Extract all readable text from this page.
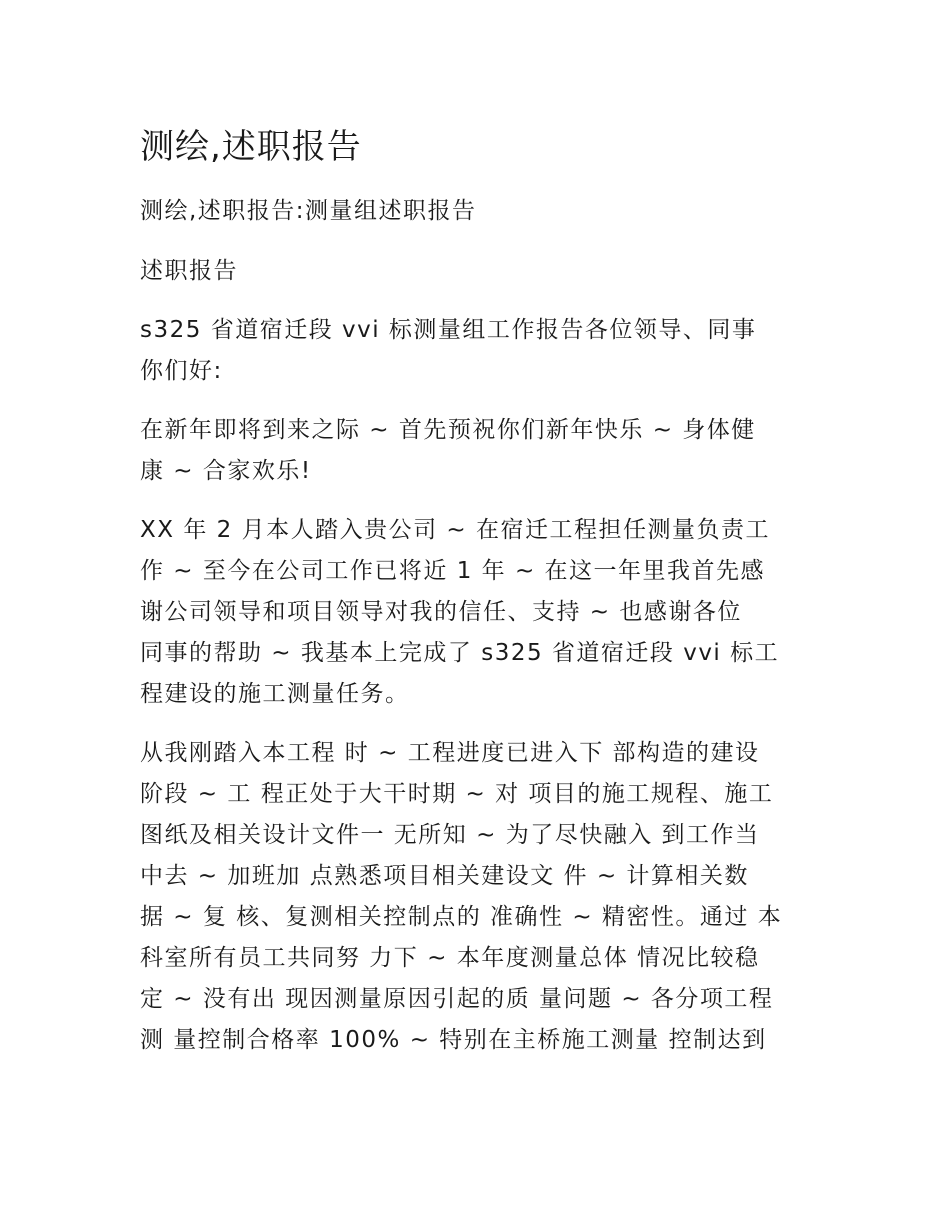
测绘,述职报告

测绘,述职报告:测量组述职报告

述职报告

s325 省道宿迁段 vvi 标测量组工作报告各位领导、同事
你们好:

在新年即将到来之际 ~ 首先预祝你们新年快乐 ~ 身体健
康 ~ 合家欢乐!

XX 年 2 月本人踏入贵公司 ~ 在宿迁工程担任测量负责工
作 ~ 至今在公司工作已将近 1 年 ~ 在这一年里我首先感
谢公司领导和项目领导对我的信任、支持 ~ 也感谢各位
同事的帮助 ~ 我基本上完成了 s325 省道宿迁段 vvi 标工
程建设的施工测量任务。

从我刚踏入本工程 时 ~ 工程进度已进入下 部构造的建设
阶段 ~ 工 程正处于大干时期 ~ 对 项目的施工规程、施工
图纸及相关设计文件一 无所知 ~ 为了尽快融入 到工作当
中去 ~ 加班加 点熟悉项目相关建设文 件 ~ 计算相关数
据 ~ 复 核、复测相关控制点的 准确性 ~ 精密性。通过 本
科室所有员工共同努 力下 ~ 本年度测量总体 情况比较稳
定 ~ 没有出 现因测量原因引起的质 量问题 ~ 各分项工程
测 量控制合格率 100% ~ 特别在主桥施工测量 控制达到
